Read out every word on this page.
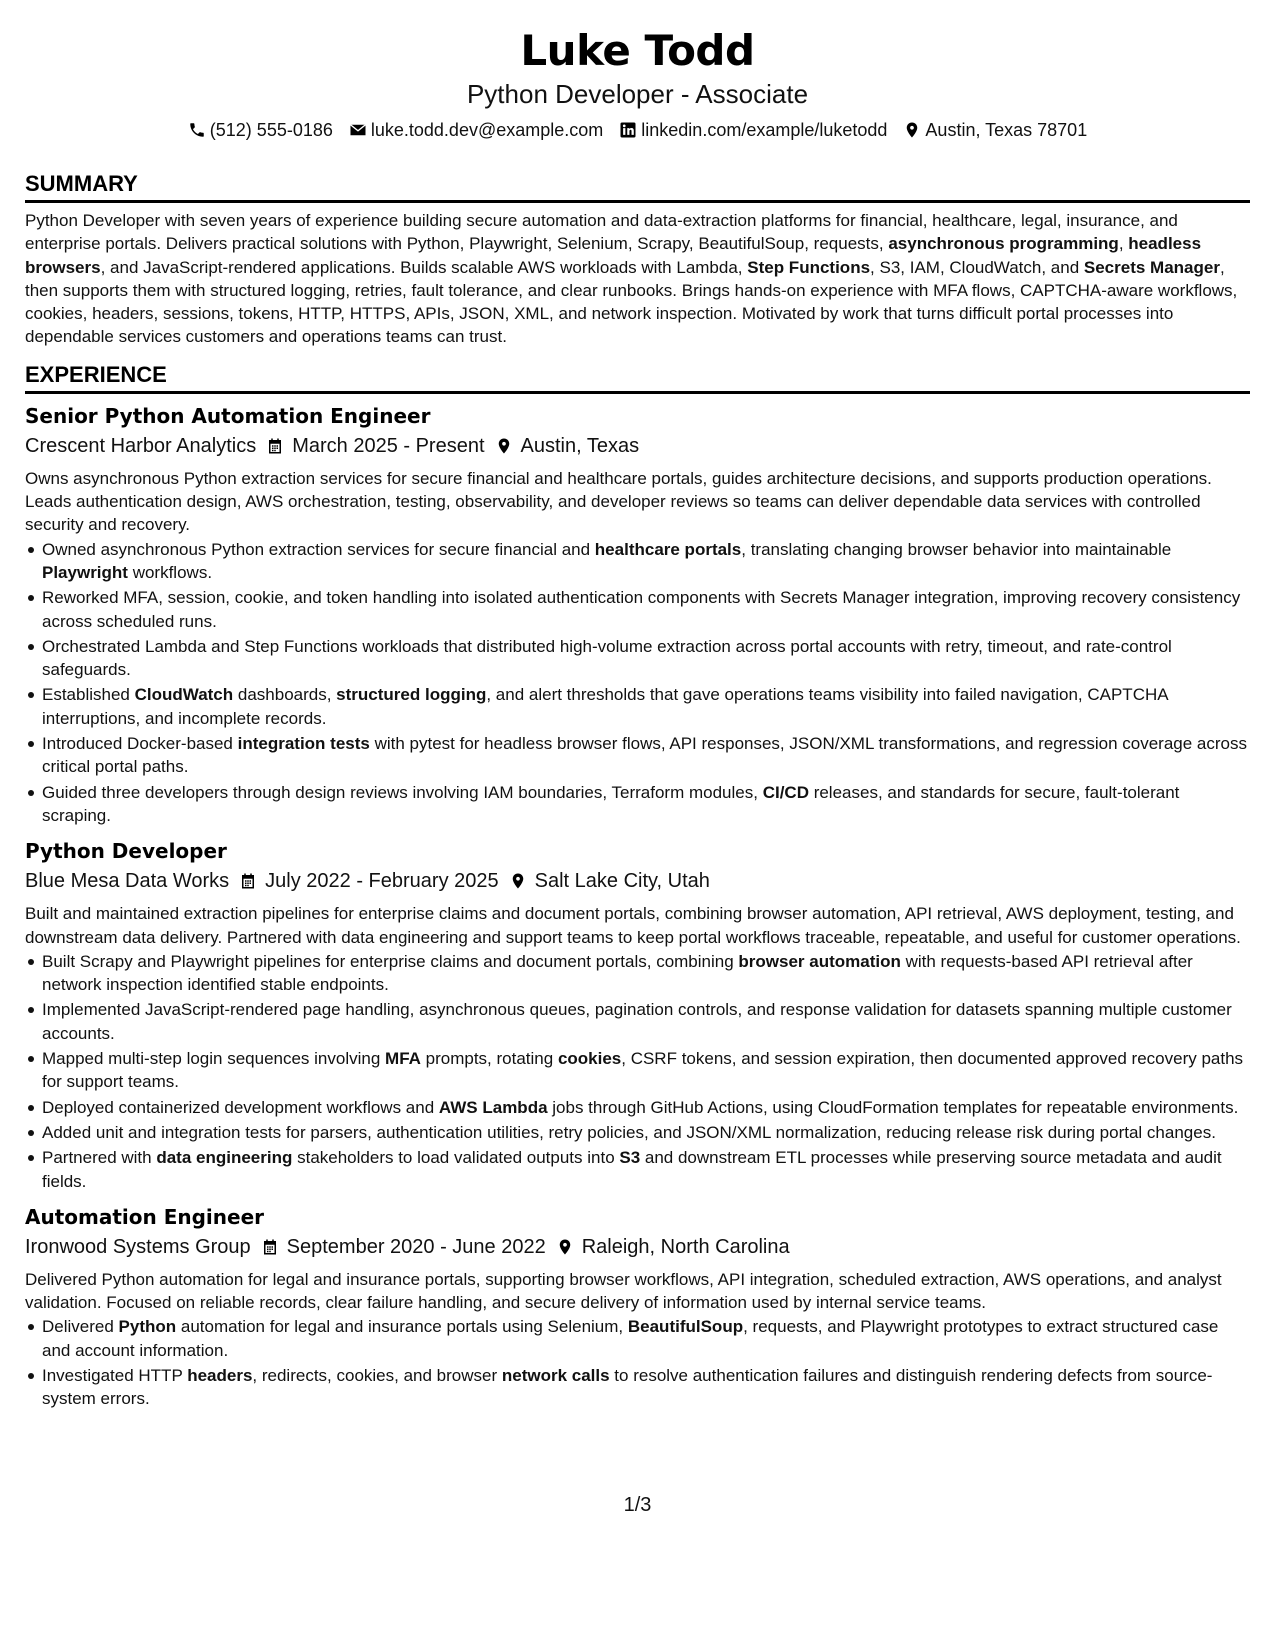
Luke Todd
Python Developer - Associate
(512) 555-0186 luke.todd.dev@example.com linkedin.com/example/luketodd Austin, Texas 78701
SUMMARY
Python Developer with seven years of experience building secure automation and data-extraction platforms for financial, healthcare, legal, insurance, and enterprise portals. Delivers practical solutions with Python, Playwright, Selenium, Scrapy, BeautifulSoup, requests, asynchronous programming, headless browsers, and JavaScript-rendered applications. Builds scalable AWS workloads with Lambda, Step Functions, S3, IAM, CloudWatch, and Secrets Manager, then supports them with structured logging, retries, fault tolerance, and clear runbooks. Brings hands-on experience with MFA flows, CAPTCHA-aware workflows, cookies, headers, sessions, tokens, HTTP, HTTPS, APIs, JSON, XML, and network inspection. Motivated by work that turns difficult portal processes into dependable services customers and operations teams can trust.
EXPERIENCE
Senior Python Automation Engineer
Crescent Harbor Analytics March 2025 - Present Austin, Texas
Owns asynchronous Python extraction services for secure financial and healthcare portals, guides architecture decisions, and supports production operations. Leads authentication design, AWS orchestration, testing, observability, and developer reviews so teams can deliver dependable data services with controlled security and recovery.
Owned asynchronous Python extraction services for secure financial and healthcare portals, translating changing browser behavior into maintainable Playwright workflows.
Reworked MFA, session, cookie, and token handling into isolated authentication components with Secrets Manager integration, improving recovery consistency across scheduled runs.
Orchestrated Lambda and Step Functions workloads that distributed high-volume extraction across portal accounts with retry, timeout, and rate-control safeguards.
Established CloudWatch dashboards, structured logging, and alert thresholds that gave operations teams visibility into failed navigation, CAPTCHA interruptions, and incomplete records.
Introduced Docker-based integration tests with pytest for headless browser flows, API responses, JSON/XML transformations, and regression coverage across critical portal paths.
Guided three developers through design reviews involving IAM boundaries, Terraform modules, CI/CD releases, and standards for secure, fault-tolerant scraping.
Python Developer
Blue Mesa Data Works July 2022 - February 2025 Salt Lake City, Utah
Built and maintained extraction pipelines for enterprise claims and document portals, combining browser automation, API retrieval, AWS deployment, testing, and downstream data delivery. Partnered with data engineering and support teams to keep portal workflows traceable, repeatable, and useful for customer operations.
Built Scrapy and Playwright pipelines for enterprise claims and document portals, combining browser automation with requests-based API retrieval after network inspection identified stable endpoints.
Implemented JavaScript-rendered page handling, asynchronous queues, pagination controls, and response validation for datasets spanning multiple customer accounts.
Mapped multi-step login sequences involving MFA prompts, rotating cookies, CSRF tokens, and session expiration, then documented approved recovery paths for support teams.
Deployed containerized development workflows and AWS Lambda jobs through GitHub Actions, using CloudFormation templates for repeatable environments.
Added unit and integration tests for parsers, authentication utilities, retry policies, and JSON/XML normalization, reducing release risk during portal changes.
Partnered with data engineering stakeholders to load validated outputs into S3 and downstream ETL processes while preserving source metadata and audit fields.
Automation Engineer
Ironwood Systems Group September 2020 - June 2022 Raleigh, North Carolina
Delivered Python automation for legal and insurance portals, supporting browser workflows, API integration, scheduled extraction, AWS operations, and analyst validation. Focused on reliable records, clear failure handling, and secure delivery of information used by internal service teams.
Delivered Python automation for legal and insurance portals using Selenium, BeautifulSoup, requests, and Playwright prototypes to extract structured case and account information.
Investigated HTTP headers, redirects, cookies, and browser network calls to resolve authentication failures and distinguish rendering defects from source-system errors.
1/3
